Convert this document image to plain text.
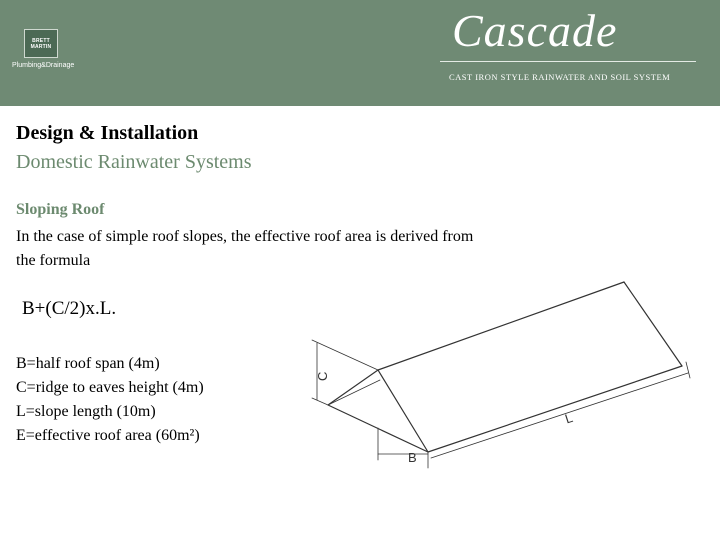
BRETT
MARTIN
Plumbing&Drainage
Cascade
CAST IRON STYLE RAINWATER AND SOIL SYSTEM
Design & Installation
Domestic Rainwater Systems
Sloping Roof
In the case of simple roof slopes, the effective roof area is derived from the formula
B+(C/2)x.L.
B=half roof span (4m)
C=ridge to eaves height (4m)
L=slope length (10m)
E=effective roof area (60m²)
C
L
B
